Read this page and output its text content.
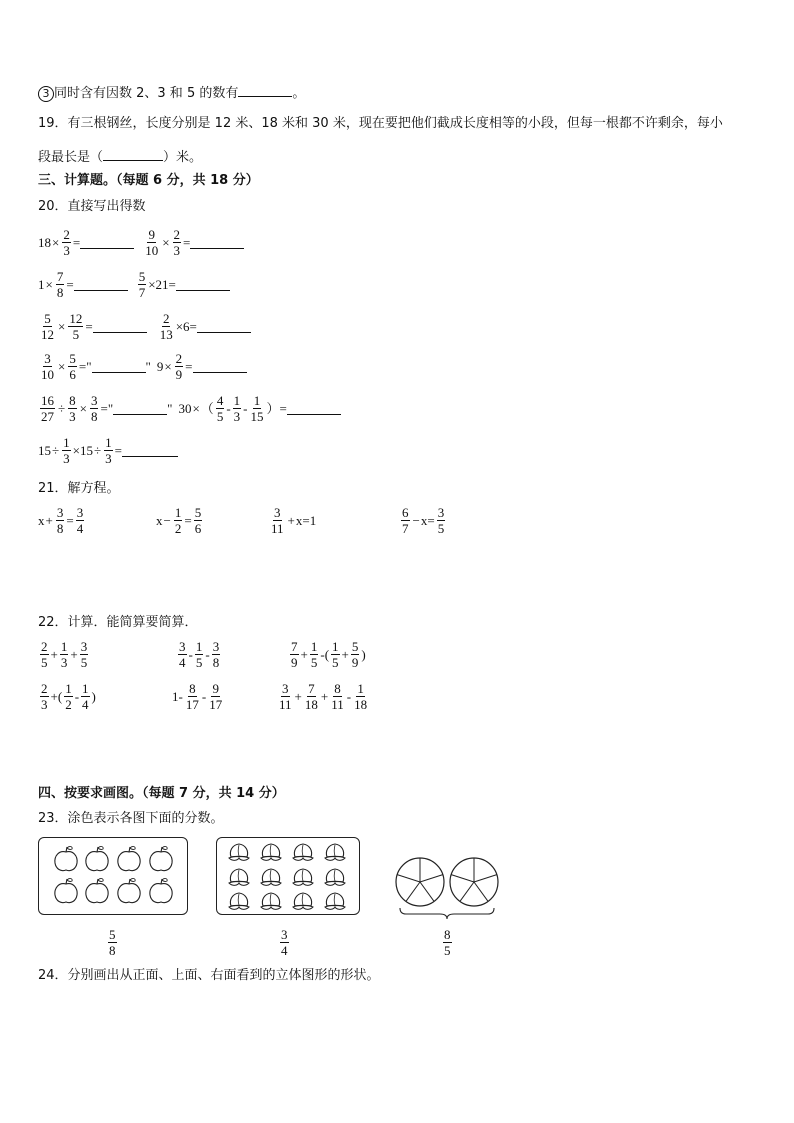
3 同时含有因数 2、3 和 5 的数有	。
19．有三根钢丝，长度分别是 12 米、18 米和 30 米，现在要把他们截成长度相等的小段，但每一根都不许剩余，每小
段最长是（	）米。
三、计算题。（每题 6 分，共 18 分）
20．直接写出得数
$18 \times \frac{2}{3}$ =	$\frac{9}{10} \times \frac{2}{3}$ =
$1 \times \frac{7}{8}$ =	$\frac{5}{7} \times 21$ =
$\frac{5}{12} \times \frac{12}{5}$ =	$\frac{2}{13} \times 6$ =
$\frac{3}{10} \times \frac{5}{6}$ = "	" $9 \times \frac{2}{9}$ =
$\frac{16}{27} \div \frac{8}{3} \times \frac{3}{8}$ = "	" 30 × （ $\frac{4}{5} - \frac{1}{3} - \frac{1}{15}$ ） =
$15 \div \frac{1}{3} \times 15 \div \frac{1}{3}$ =
21．解方程。
$x + \frac{3}{8} = \frac{3}{4}$	$x - \frac{1}{2} = \frac{5}{6}$	$\frac{3}{11} + x = 1$	$\frac{6}{7} - x = \frac{3}{5}$
22．计算．能简算要简算．
$\frac{2}{5} + \frac{1}{3} + \frac{3}{5}$	$\frac{3}{4} - \frac{1}{5} - \frac{3}{8}$	$\frac{7}{9} + \frac{1}{5}$ - ( $\frac{1}{5} + \frac{5}{9}$ )
$\frac{2}{3}$ + ( $\frac{1}{2} - \frac{1}{4}$ )	$1 - \frac{8}{17} - \frac{9}{17}$	$\frac{3}{11} + \frac{7}{18} + \frac{8}{11} - \frac{1}{18}$
四、按要求画图。（每题 7 分，共 14 分）
23．涂色表示各图下面的分数。
$\frac{5}{8}$	$\frac{3}{4}$	$\frac{8}{5}$
24．分别画出从正面、上面、右面看到的立体图形的形状。
